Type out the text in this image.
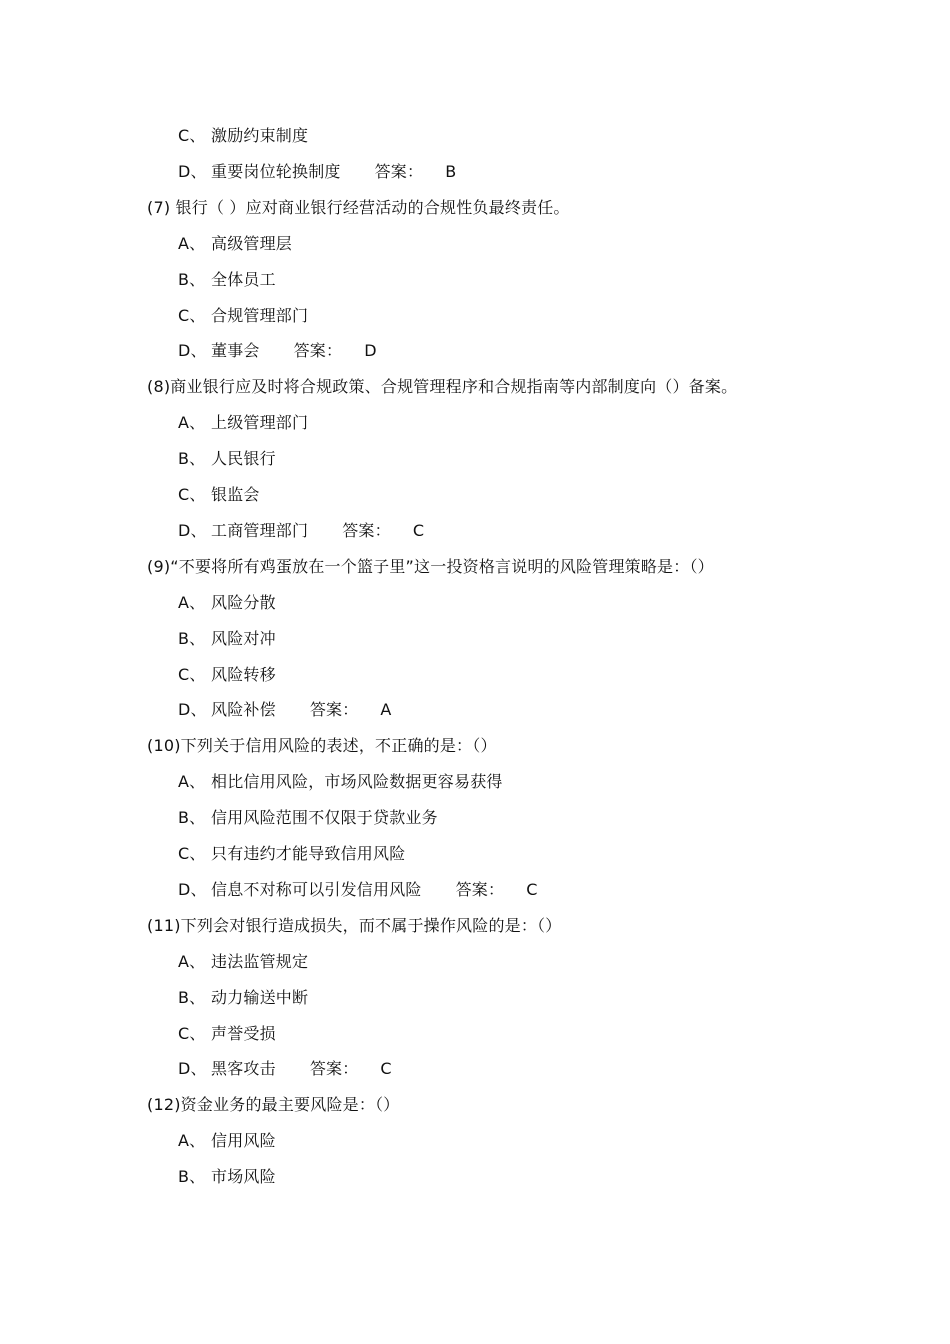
C、 激励约束制度
D、 重要岗位轮换制度 答案： B
(7) 银行（ ）应对商业银行经营活动的合规性负最终责任。
A、 高级管理层
B、 全体员工
C、 合规管理部门
D、 董事会 答案： D
(8)商业银行应及时将合规政策、合规管理程序和合规指南等内部制度向（）备案。
A、 上级管理部门
B、 人民银行
C、 银监会
D、 工商管理部门 答案： C
(9)“不要将所有鸡蛋放在一个篮子里”这一投资格言说明的风险管理策略是：（）
A、 风险分散
B、 风险对冲
C、 风险转移
D、 风险补偿 答案： A
(10)下列关于信用风险的表述，不正确的是：（）
A、 相比信用风险，市场风险数据更容易获得
B、 信用风险范围不仅限于贷款业务
C、 只有违约才能导致信用风险
D、 信息不对称可以引发信用风险 答案： C
(11)下列会对银行造成损失，而不属于操作风险的是：（）
A、 违法监管规定
B、 动力输送中断
C、 声誉受损
D、 黑客攻击 答案： C
(12)资金业务的最主要风险是：（）
A、 信用风险
B、 市场风险
